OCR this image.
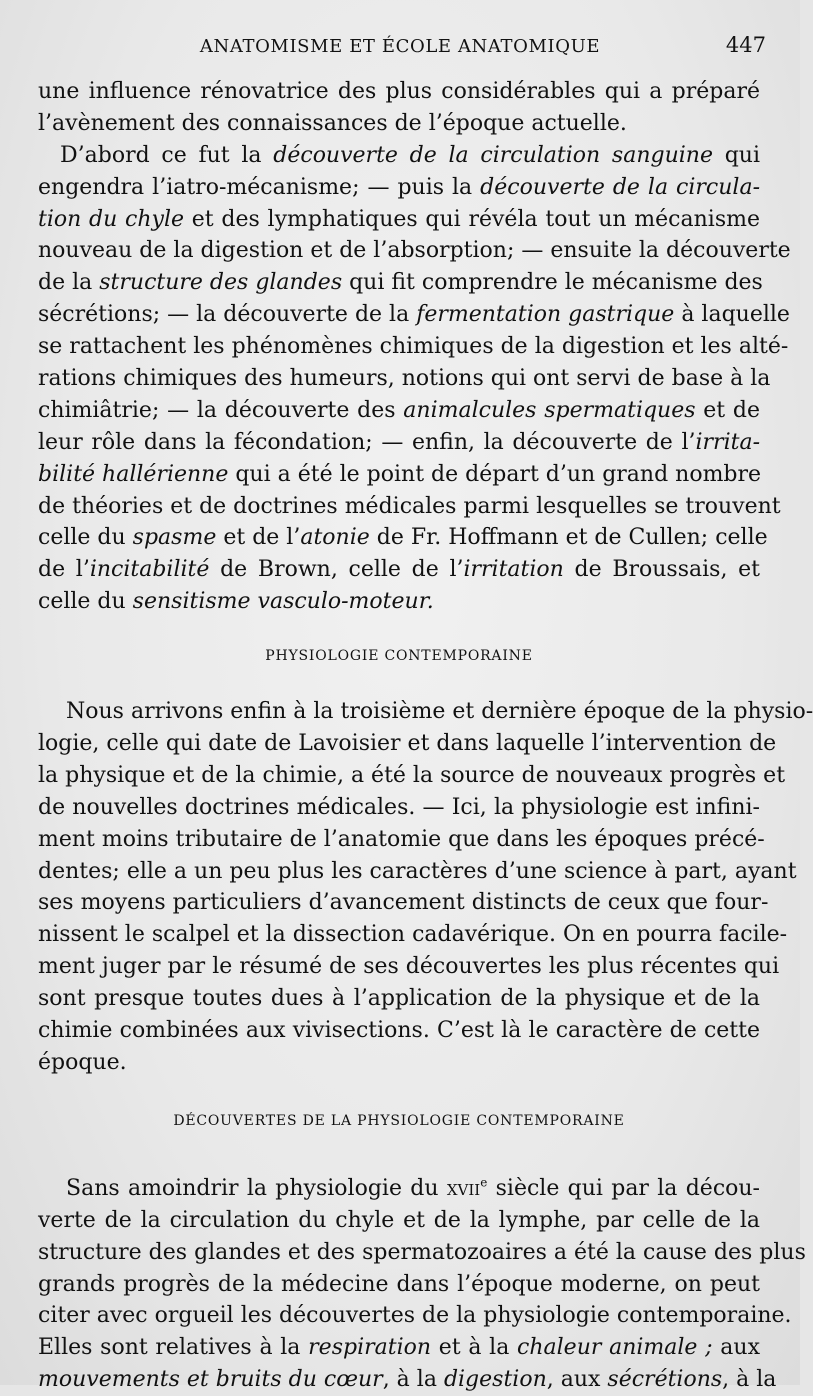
ANATOMISME ET ÉCOLE ANATOMIQUE	447
une influence rénovatrice des plus considérables qui a préparé
l’avènement des connaissances de l’époque actuelle.
D’abord ce fut la découverte de la circulation sanguine qui
engendra l’iatro-mécanisme; — puis la découverte de la circula-
tion du chyle et des lymphatiques qui révéla tout un mécanisme
nouveau de la digestion et de l’absorption; — ensuite la découverte
de la structure des glandes qui fit comprendre le mécanisme des
sécrétions; — la découverte de la fermentation gastrique à laquelle
se rattachent les phénomènes chimiques de la digestion et les alté-
rations chimiques des humeurs, notions qui ont servi de base à la
chimiâtrie; — la découverte des animalcules spermatiques et de
leur rôle dans la fécondation; — enfin, la découverte de l’irrita-
bilité hallérienne qui a été le point de départ d’un grand nombre
de théories et de doctrines médicales parmi lesquelles se trouvent
celle du spasme et de l’atonie de Fr. Hoffmann et de Cullen; celle
de l’incitabilité de Brown, celle de l’irritation de Broussais, et
celle du sensitisme vasculo-moteur.
PHYSIOLOGIE CONTEMPORAINE
Nous arrivons enfin à la troisième et dernière époque de la physio-
logie, celle qui date de Lavoisier et dans laquelle l’intervention de
la physique et de la chimie, a été la source de nouveaux progrès et
de nouvelles doctrines médicales. — Ici, la physiologie est infini-
ment moins tributaire de l’anatomie que dans les époques précé-
dentes; elle a un peu plus les caractères d’une science à part, ayant
ses moyens particuliers d’avancement distincts de ceux que four-
nissent le scalpel et la dissection cadavérique. On en pourra facile-
ment juger par le résumé de ses découvertes les plus récentes qui
sont presque toutes dues à l’application de la physique et de la
chimie combinées aux vivisections. C’est là le caractère de cette
époque.
DÉCOUVERTES DE LA PHYSIOLOGIE CONTEMPORAINE
Sans amoindrir la physiologie du xvii$^e$ siècle qui par la décou-
verte de la circulation du chyle et de la lymphe, par celle de la
structure des glandes et des spermatozoaires a été la cause des plus
grands progrès de la médecine dans l’époque moderne, on peut
citer avec orgueil les découvertes de la physiologie contemporaine.
Elles sont relatives à la respiration et à la chaleur animale ; aux
mouvements et bruits du cœur, à la digestion, aux sécrétions, à la
